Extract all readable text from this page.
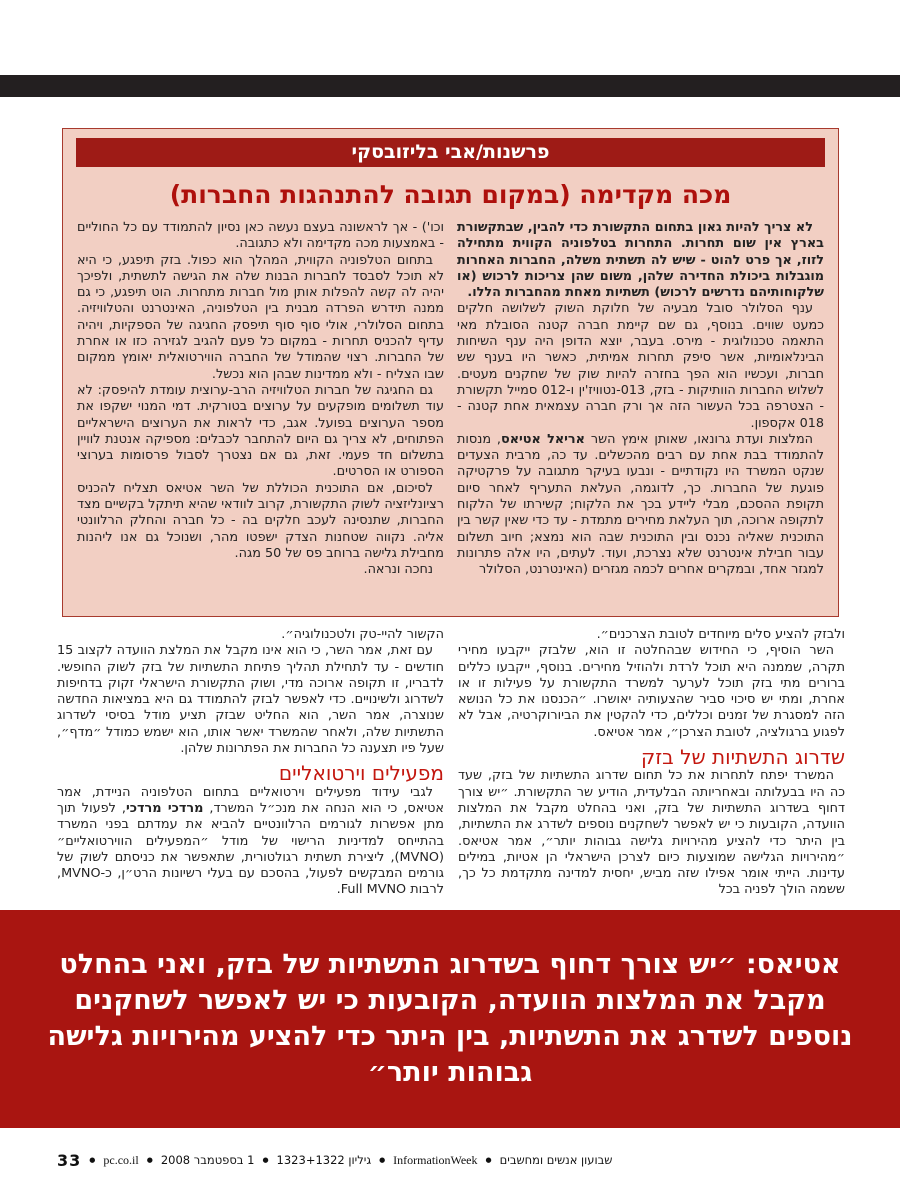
פרשנות/אבי בליזובסקי
מכה מקדימה (במקום תגובה להתנהגות החברות)

לא צריך להיות גאון בתחום התקשורת כדי להבין, שבתקשורת בארץ אין שום תחרות. התחרות בטלפוניה הקווית מתחילה לזוז, אך פרט להוט - שיש לה תשתית משלה, החברות האחרות מוגבלות ביכולת החדירה שלהן, משום שהן צריכות לרכוש (או שלקוחותיהם נדרשים לרכוש) תשתיות מאחת מהחברות הללו.

ענף הסלולר סובל מבעיה של חלוקת השוק לשלושה חלקים כמעט שווים. בנוסף, גם שם קיימת חברה קטנה הסובלת מאי התאמה טכנולוגית - מירס. בעבר, יוצא הדופן היה ענף השיחות הבינלאומיות, אשר סיפק תחרות אמיתית, כאשר היו בענף שש חברות, ועכשיו הוא הפך בחזרה להיות שוק של שחקנים מעטים. לשלוש החברות הוותיקות - בזק, 013-נטוויז'ין ו-012 סמייל תקשורת - הצטרפה בכל העשור הזה אך ורק חברה עצמאית אחת קטנה - 018 אקספון.

המלצות ועדת גרונאו, שאותן אימץ השר אריאל אטיאס, מנסות להתמודד בבת אחת עם רבים מהכשלים. עד כה, מרבית הצעדים שנקט המשרד היו נקודתיים - ונבעו בעיקר מתגובה על פרקטיקה פוגעת של החברות. כך, לדוגמה, העלאת התעריף לאחר סיום תקופת ההסכם, מבלי ליידע בכך את הלקוח; קשירתו של הלקוח לתקופה ארוכה, תוך העלאת מחירים מתמדת - עד כדי שאין קשר בין התוכנית שאליה נכנס ובין התוכנית שבה הוא נמצא; חיוב תשלום עבור חבילת אינטרנט שלא נצרכת, ועוד. לעתים, היו אלה פתרונות למגזר אחד, ובמקרים אחרים לכמה מגזרים (האינטרנט, הסלולר

וכו') - אך לראשונה בעצם נעשה כאן נסיון להתמודד עם כל החוליים - באמצעות מכה מקדימה ולא כתגובה.

בתחום הטלפוניה הקווית, המהלך הוא כפול. בזק תיפגע, כי היא לא תוכל לסבסד לחברות הבנות שלה את הגישה לתשתית, ולפיכך יהיה לה קשה להפלות אותן מול חברות מתחרות. הוט תיפגע, כי גם ממנה תידרש הפרדה מבנית בין הטלפוניה, האינטרנט והטלוויזיה. בתחום הסלולרי, אולי סוף סוף תיפסק החגיגה של הספקיות, ויהיה עדיף להכניס תחרות - במקום כל פעם להגיב לגזירה כזו או אחרת של החברות. רצוי שהמודל של החברה הווירטואלית יאומץ ממקום שבו הצליח - ולא ממדינות שבהן הוא נכשל.

גם החגיגה של חברות הטלוויזיה הרב-ערוצית עומדת להיפסק: לא עוד תשלומים מופקעים על ערוצים בטורקית. דמי המנוי ישקפו את מספר הערוצים בפועל. אגב, כדי לראות את הערוצים הישראליים הפתוחים, לא צריך גם היום להתחבר לכבלים: מספיקה אנטנת לוויין בתשלום חד פעמי. זאת, גם אם נצטרך לסבול פרסומות בערוצי הספורט או הסרטים.

לסיכום, אם התוכנית הכוללת של השר אטיאס תצליח להכניס רציונליזציה לשוק התקשורת, קרוב לוודאי שהיא תיתקל בקשיים מצד החברות, שתנסינה לעכב חלקים בה - כל חברה והחלק הרלוונטי אליה. נקווה שטחנות הצדק ישפטו מהר, ושנוכל גם אנו ליהנות מחבילת גלישה ברוחב פס של 50 מגה.

נחכה ונראה.

ולבזק להציע סלים מיוחדים לטובת הצרכנים״.

השר הוסיף, כי החידוש שבהחלטה זו הוא, שלבזק ייקבעו מחירי תקרה, שממנה היא תוכל לרדת ולהוזיל מחירים. בנוסף, ייקבעו כללים ברורים מתי בזק תוכל לערער למשרד התקשורת על פעילות זו או אחרת, ומתי יש סיכוי סביר שהצעותיה יאושרו. ״הכנסנו את כל הנושא הזה למסגרת של זמנים וכללים, כדי להקטין את הביורוקרטיה, אבל לא לפגוע ברגולציה, לטובת הצרכן״, אמר אטיאס.

שדרוג התשתיות של בזק

המשרד יפתח לתחרות את כל תחום שדרוג התשתיות של בזק, שעד כה היו בבעלותה ובאחריותה הבלעדית, הודיע שר התקשורת. ״יש צורך דחוף בשדרוג התשתיות של בזק, ואני בהחלט מקבל את המלצות הוועדה, הקובעות כי יש לאפשר לשחקנים נוספים לשדרג את התשתיות, בין היתר כדי להציע מהירויות גלישה גבוהות יותר״, אמר אטיאס. ״מהירויות הגלישה שמוצעות כיום לצרכן הישראלי הן אטיות, במילים עדינות. הייתי אומר אפילו שזה מביש, יחסית למדינה מתקדמת כל כך, ששמה הולך לפניה בכל

הקשור להיי-טק ולטכנולוגיה״.

עם זאת, אמר השר, כי הוא אינו מקבל את המלצת הוועדה לקצוב 15 חודשים - עד לתחילת תהליך פתיחת התשתיות של בזק לשוק החופשי. לדבריו, זו תקופה ארוכה מדי, ושוק התקשורת הישראלי זקוק בדחיפות לשדרוג ולשינויים. כדי לאפשר לבזק להתמודד גם היא במציאות החדשה שנוצרה, אמר השר, הוא החליט שבזק תציע מודל בסיסי לשדרוג התשתיות שלה, ולאחר שהמשרד יאשר אותו, הוא ישמש כמודל ״מדף״, שעל פיו תצענה כל החברות את הפתרונות שלהן.

מפעילים וירטואליים

לגבי עידוד מפעילים וירטואליים בתחום הטלפוניה הניידת, אמר אטיאס, כי הוא הנחה את מנכ״ל המשרד, מרדכי מרדכי, לפעול תוך מתן אפשרות לגורמים הרלוונטיים להביא את עמדתם בפני המשרד בהתייחס למדיניות הרישוי של מודל ״המפעילים הווירטואליים״ (MVNO), ליצירת תשתית רגולטורית, שתאפשר את כניסתם לשוק של גורמים המבקשים לפעול, בהסכם עם בעלי רשיונות הרט״ן, כ-MVNO, לרבות Full MVNO.

אטיאס: ״יש צורך דחוף בשדרוג התשתיות של בזק, ואני בהחלט מקבל את המלצות הוועדה, הקובעות כי יש לאפשר לשחקנים נוספים לשדרג את התשתיות, בין היתר כדי להציע מהירויות גלישה גבוהות יותר״

שבועון אנשים ומחשבים
●
InformationWeek
●
גיליון 1323+1322
●
1 בספטמבר 2008
●
pc.co.il
●
33
